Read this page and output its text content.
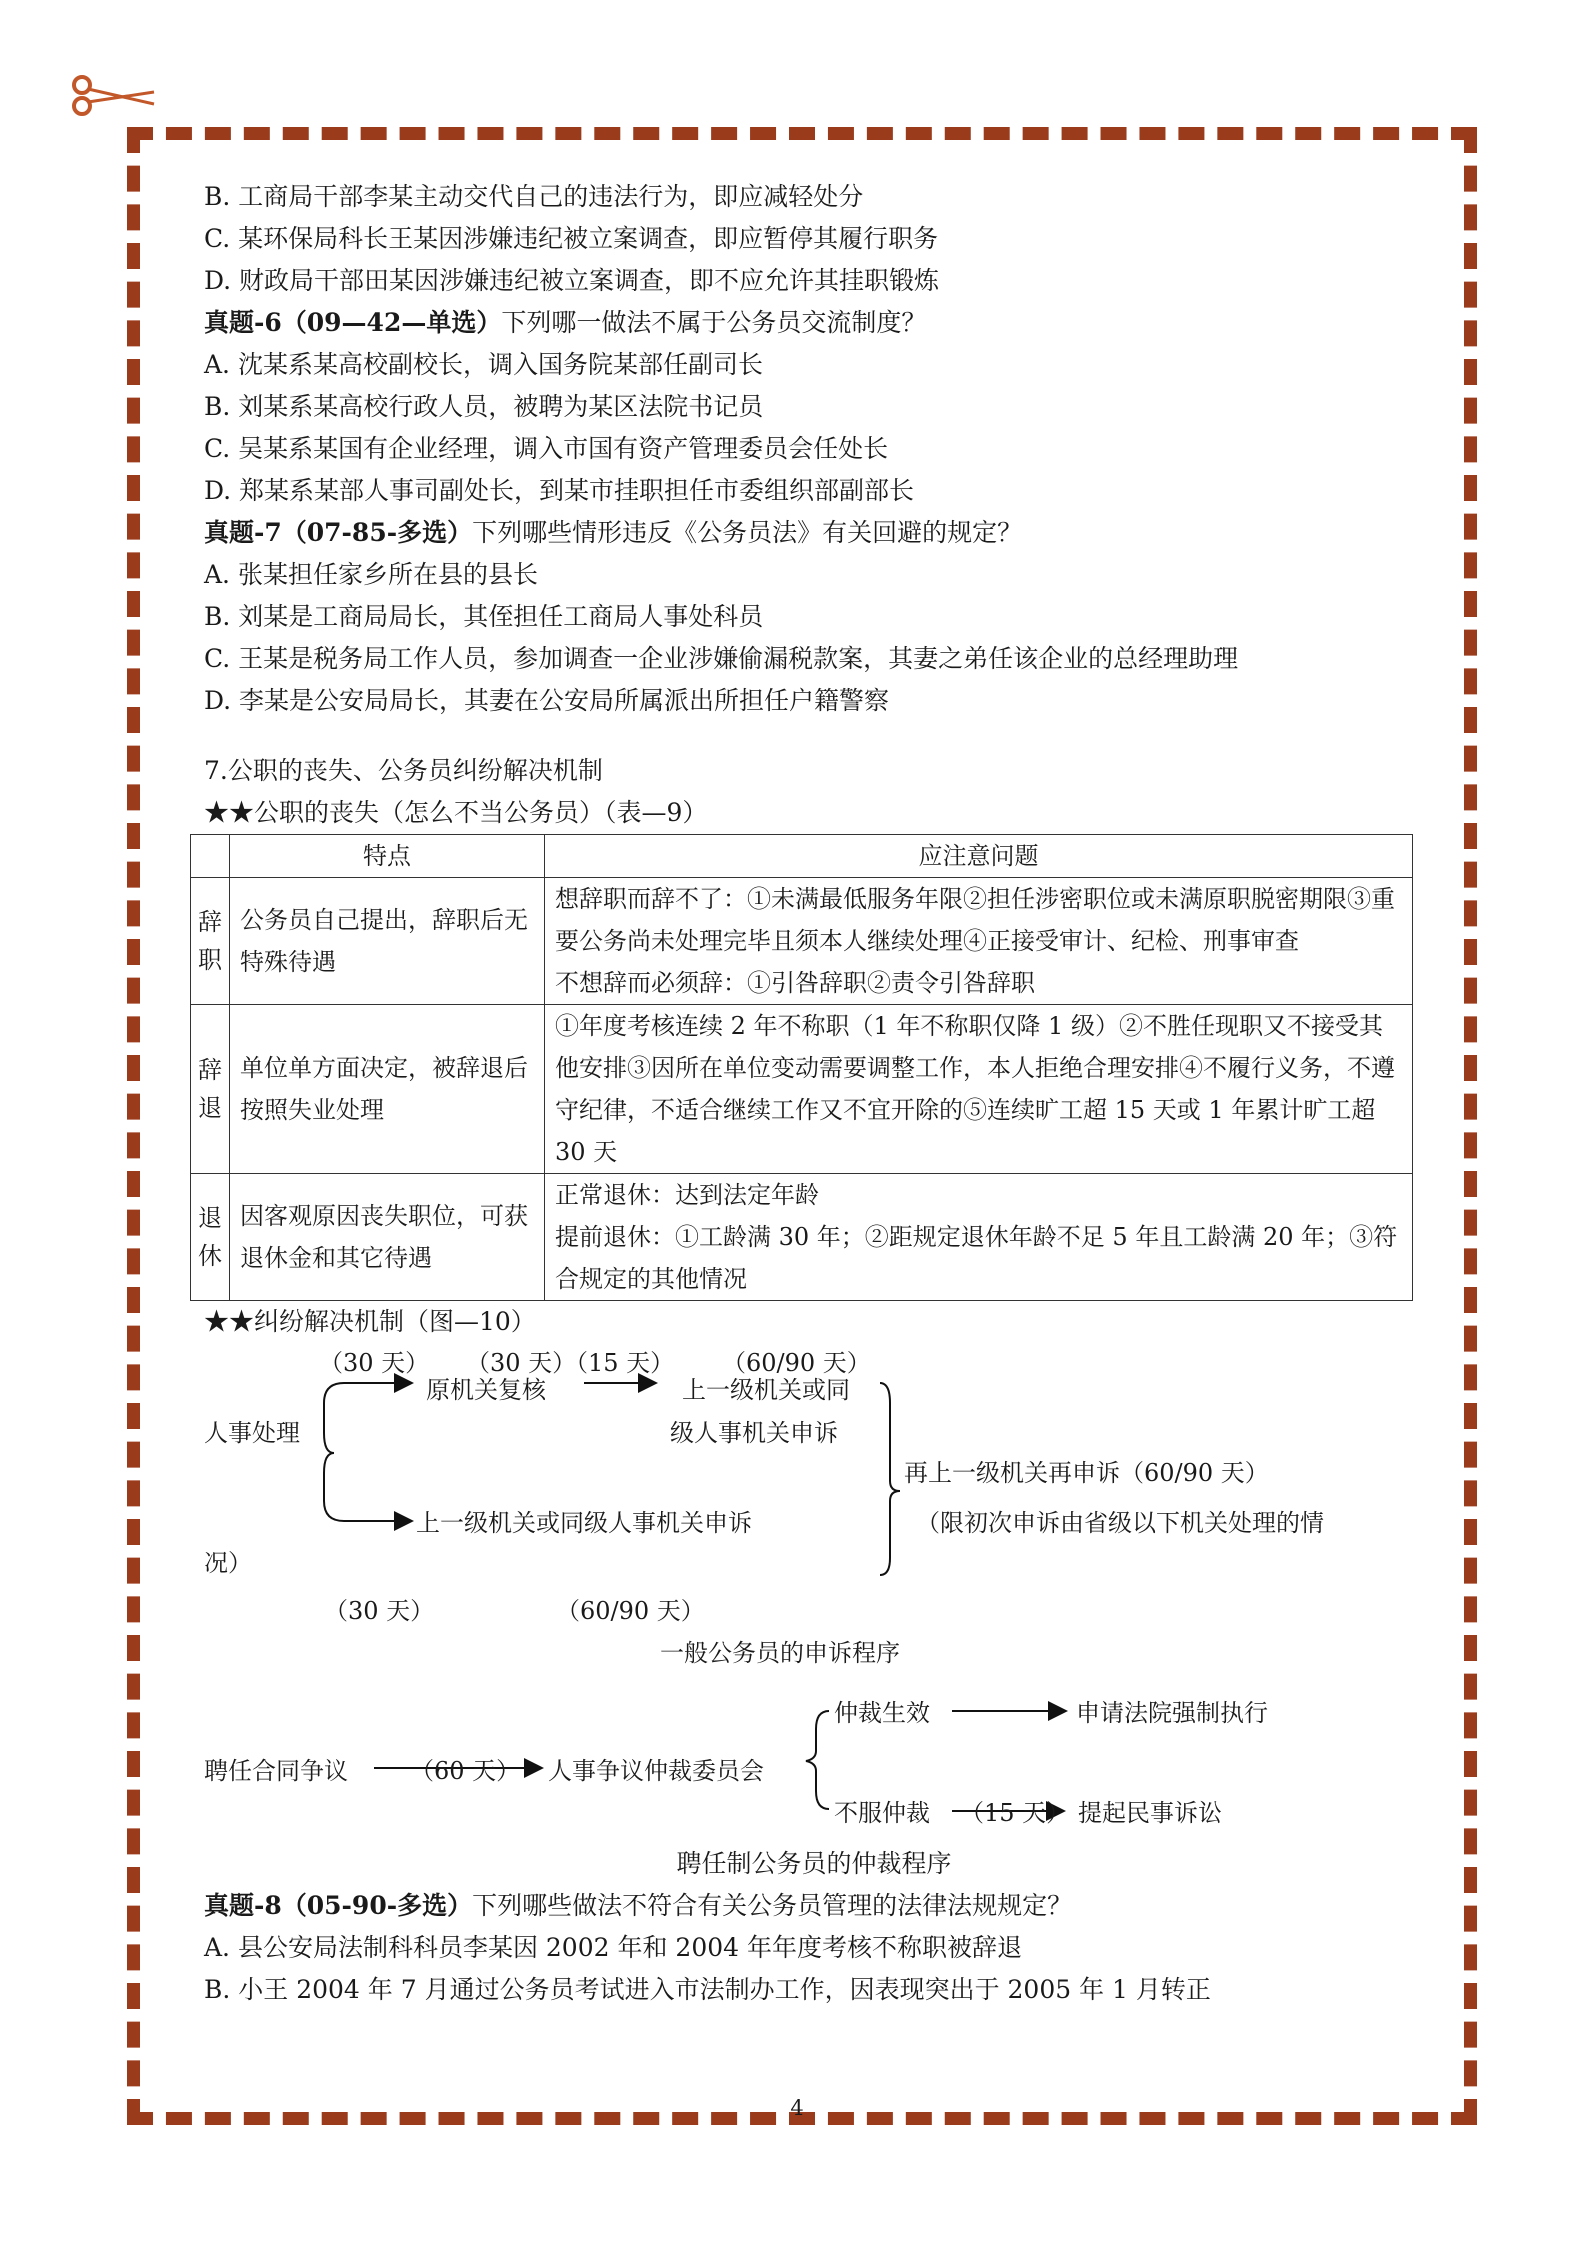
B. 工商局干部李某主动交代自己的违法行为，即应减轻处分
C. 某环保局科长王某因涉嫌违纪被立案调查，即应暂停其履行职务
D. 财政局干部田某因涉嫌违纪被立案调查，即不应允许其挂职锻炼
真题-6（09—42—单选）下列哪一做法不属于公务员交流制度？
A. 沈某系某高校副校长，调入国务院某部任副司长
B. 刘某系某高校行政人员，被聘为某区法院书记员
C. 吴某系某国有企业经理，调入市国有资产管理委员会任处长
D. 郑某系某部人事司副处长，到某市挂职担任市委组织部副部长
真题-7（07-85-多选）下列哪些情形违反《公务员法》有关回避的规定？
A. 张某担任家乡所在县的县长
B. 刘某是工商局局长，其侄担任工商局人事处科员
C. 王某是税务局工作人员，参加调查一企业涉嫌偷漏税款案，其妻之弟任该企业的总经理助理
D. 李某是公安局局长，其妻在公安局所属派出所担任户籍警察
7.公职的丧失、公务员纠纷解决机制
★★公职的丧失（怎么不当公务员）（表—9）
	特点	应注意问题
辞职	公务员自己提出，辞职后无特殊待遇	想辞职而辞不了：①未满最低服务年限②担任涉密职位或未满原职脱密期限③重要公务尚未处理完毕且须本人继续处理④正接受审计、纪检、刑事审查
不想辞而必须辞：①引咎辞职②责令引咎辞职

辞退	单位单方面决定，被辞退后按照失业处理	①年度考核连续 2 年不称职（1 年不称职仅降 1 级）②不胜任现职又不接受其他安排③因所在单位变动需要调整工作，本人拒绝合理安排④不履行义务，不遵守纪律，不适合继续工作又不宜开除的⑤连续旷工超 15 天或 1 年累计旷工超 30 天

退休	因客观原因丧失职位，可获退休金和其它待遇	正常退休：达到法定年龄
提前退休：①工龄满 30 年；②距规定退休年龄不足 5 年且工龄满 20 年；③符合规定的其他情况
★★纠纷解决机制（图—10）
（30 天） （30 天）
（15 天） （60/90 天）
原机关复核	上一级机关或同
人事处理	级人事机关申诉
再上一级机关再申诉（60/90 天）
上一级机关或同级人事机关申诉	（限初次申诉由省级以下机关处理的情
况）
（30 天）	（60/90 天）
一般公务员的申诉程序
仲裁生效	申请法院强制执行
聘任合同争议	（60 天） 人事争议仲裁委员会
不服仲裁 （15 天） 提起民事诉讼
聘任制公务员的仲裁程序
真题-8（05-90-多选）下列哪些做法不符合有关公务员管理的法律法规规定？
A. 县公安局法制科科员李某因 2002 年和 2004 年年度考核不称职被辞退
B. 小王 2004 年 7 月通过公务员考试进入市法制办工作，因表现突出于 2005 年 1 月转正
4
